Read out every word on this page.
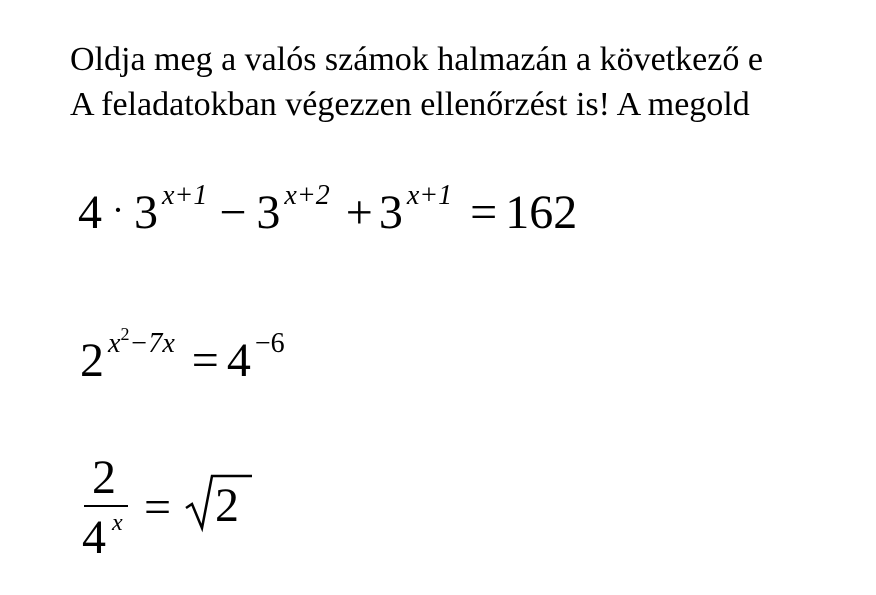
Oldja meg a valós számok halmazán a következő e
A feladatokban végezzen ellenőrzést is! A megold
4 · 3 x+1 − 3 x+2 + 3 x+1 = 162
2 $x^2-7x = 4 -6$
2
4 x = 2
